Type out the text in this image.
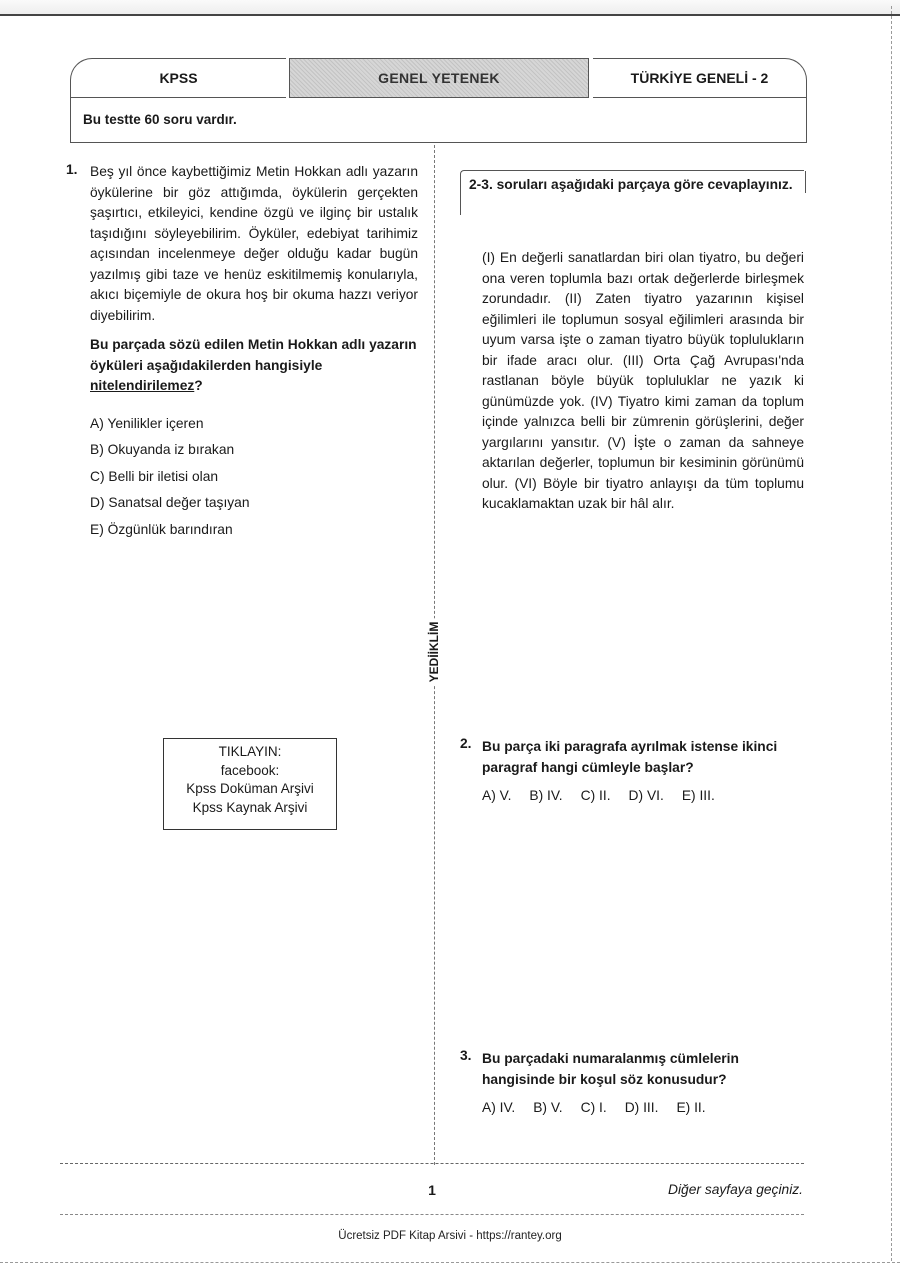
KPSS	GENEL YETENEK	TÜRKİYE GENELİ - 2
Bu testte 60 soru vardır.
1. Beş yıl önce kaybettiğimiz Metin Hokkan adlı yazarın öykülerine bir göz attığımda, öykülerin gerçekten şaşırtıcı, etkileyici, kendine özgü ve ilginç bir ustalık taşıdığını söyleyebilirim. Öyküler, edebiyat tarihimiz açısından incelenmeye değer olduğu kadar bugün yazılmış gibi taze ve henüz eskitilmemiş konularıyla, akıcı biçemiyle de okura hoş bir okuma hazzı veriyor diyebilirim.
Bu parçada sözü edilen Metin Hokkan adlı yazarın öyküleri aşağıdakilerden hangisiyle nitelendirilemez?
A) Yenilikler içeren
B) Okuyanda iz bırakan
C) Belli bir iletisi olan
D) Sanatsal değer taşıyan
E) Özgünlük barındıran
TIKLAYIN:
facebook:
Kpss Doküman Arşivi
Kpss Kaynak Arşivi
YEDİİKLİM
2-3. soruları aşağıdaki parçaya göre cevaplayınız.
(I) En değerli sanatlardan biri olan tiyatro, bu değeri ona veren toplumla bazı ortak değerlerde birleşmek zorundadır. (II) Zaten tiyatro yazarının kişisel eğilimleri ile toplumun sosyal eğilimleri arasında bir uyum varsa işte o zaman tiyatro büyük toplulukların bir ifade aracı olur. (III) Orta Çağ Avrupası'nda rastlanan böyle büyük topluluklar ne yazık ki günümüzde yok. (IV) Tiyatro kimi zaman da toplum içinde yalnızca belli bir zümrenin görüşlerini, değer yargılarını yansıtır. (V) İşte o zaman da sahneye aktarılan değerler, toplumun bir kesiminin görünümü olur. (VI) Böyle bir tiyatro anlayışı da tüm toplumu kucaklamaktan uzak bir hâl alır.
2. Bu parça iki paragrafa ayrılmak istense ikinci paragraf hangi cümleyle başlar?
A) V. B) IV. C) II. D) VI. E) III.
3. Bu parçadaki numaralanmış cümlelerin hangisinde bir koşul söz konusudur?
A) IV. B) V. C) I. D) III. E) II.
1	Diğer sayfaya geçiniz.
Ücretsiz PDF Kitap Arsivi - https://rantey.org
